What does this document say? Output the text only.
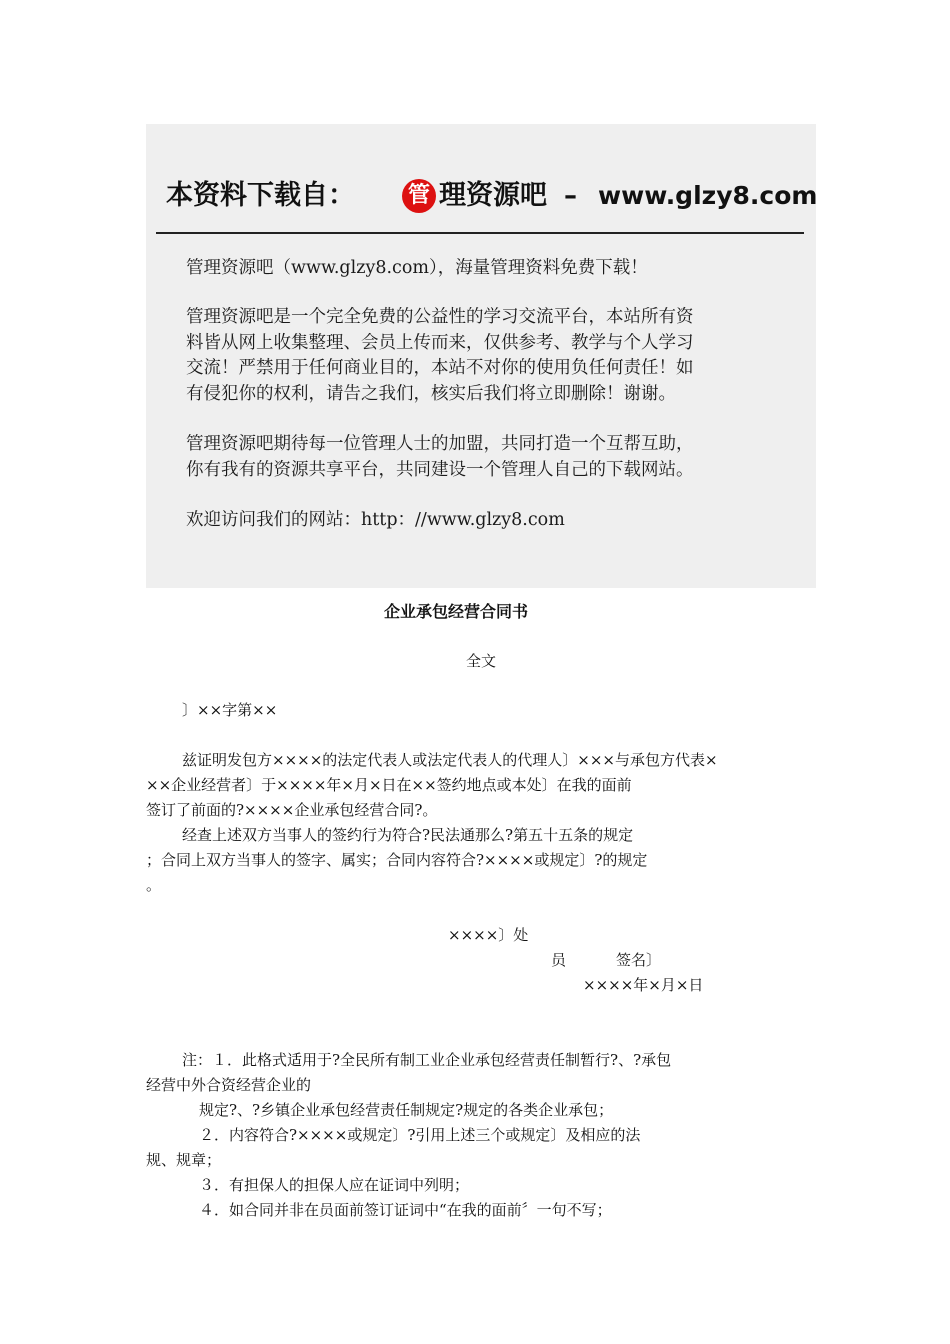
本资料下载自： 管 理资源吧 – www.glzy8.com

管理资源吧（www.glzy8.com），海量管理资料免费下载！

管理资源吧是一个完全免费的公益性的学习交流平台，本站所有资

料皆从网上收集整理、会员上传而来，仅供参考、教学与个人学习

交流！严禁用于任何商业目的，本站不对你的使用负任何责任！如

有侵犯你的权利，请告之我们，核实后我们将立即删除！谢谢。

管理资源吧期待每一位管理人士的加盟，共同打造一个互帮互助，

你有我有的资源共享平台，共同建设一个管理人自己的下载网站。

欢迎访问我们的网站：http：//www.glzy8.com

企业承包经营合同书
全文
〕××字第××
兹证明发包方××××的法定代表人或法定代表人的代理人〕×××与承包方代表×
××企业经营者〕于××××年×月×日在××签约地点或本处〕在我的面前
签订了前面的?××××企业承包经营合同?。
经查上述双方当事人的签约行为符合?民法通那么?第五十五条的规定
；合同上双方当事人的签字、属实；合同内容符合?××××或规定〕?的规定
。
××××〕处
员	签名〕
××××年×月×日
注：１．此格式适用于?全民所有制工业企业承包经营责任制暂行?、?承包
经营中外合资经营企业的
规定?、?乡镇企业承包经营责任制规定?规定的各类企业承包；
２．内容符合?××××或规定〕?引用上述三个或规定〕及相应的法
规、规章；
３．有担保人的担保人应在证词中列明；
４．如合同并非在员面前签订证词中“在我的面前〞一句不写；
